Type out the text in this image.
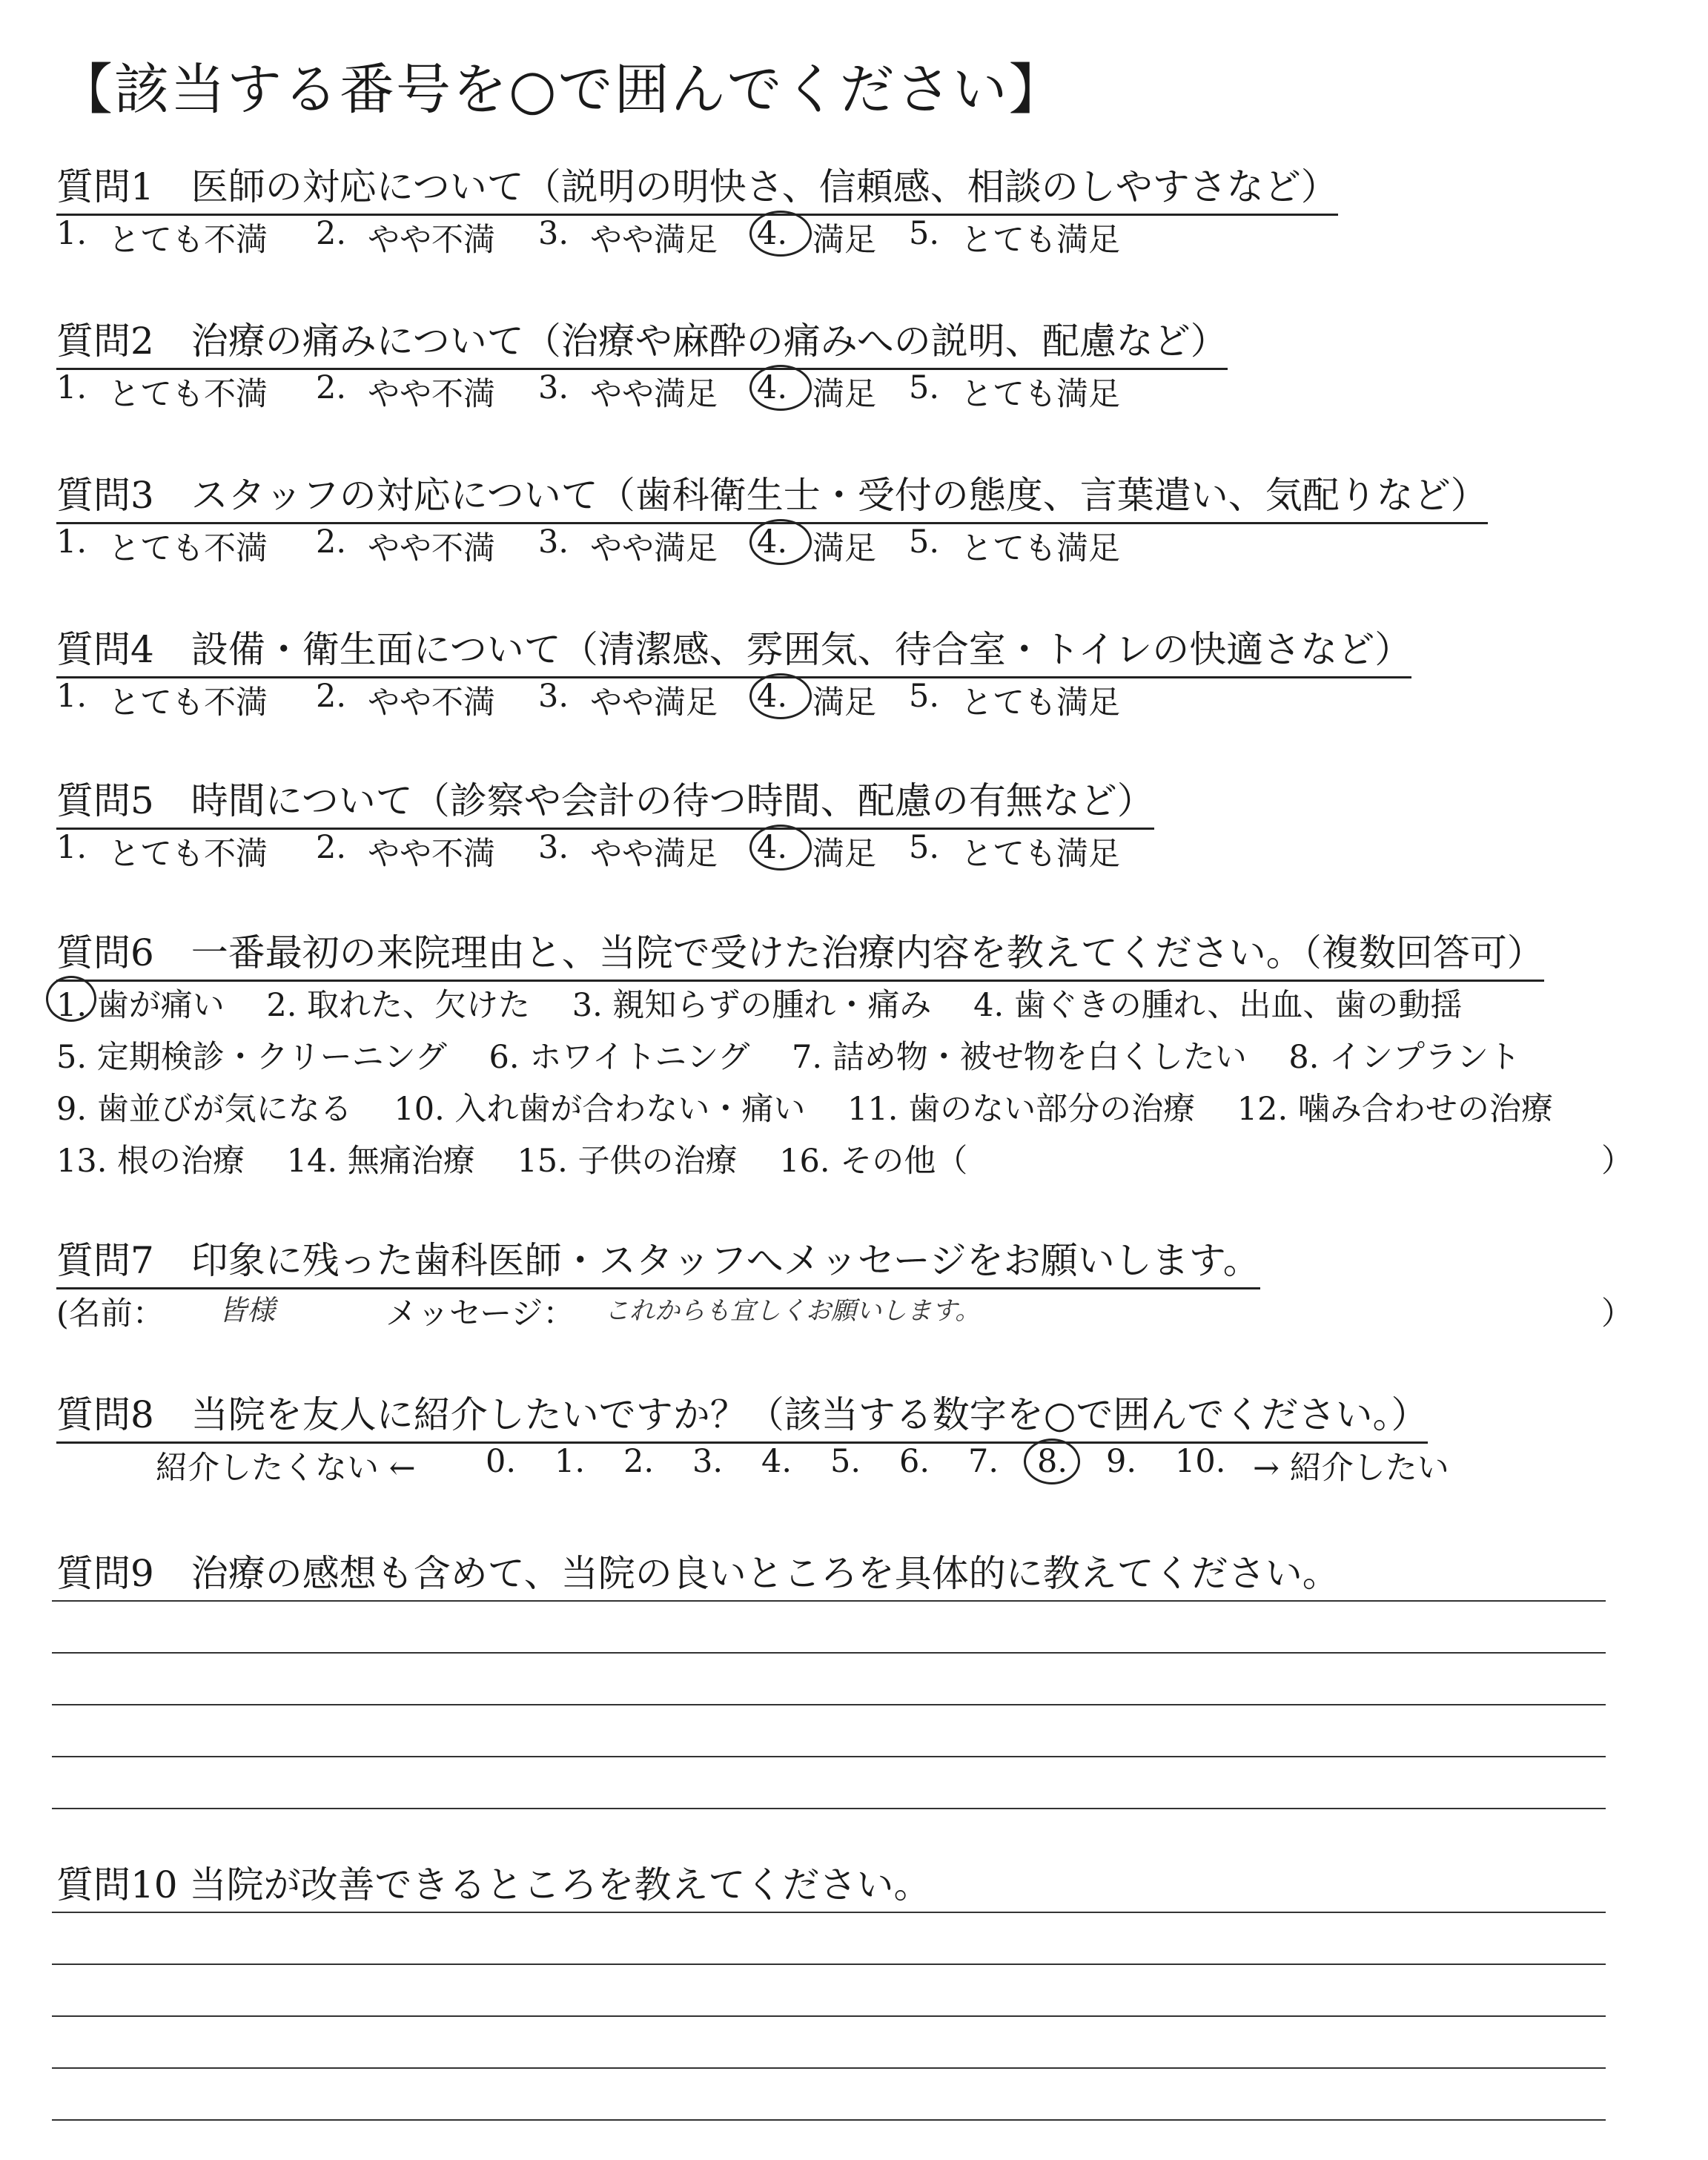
【該当する番号を○で囲んでください】
質問1　医師の対応について（説明の明快さ、信頼感、相談のしやすさなど）
1. とても不満 2. やや不満 3. やや満足 4. 満足 5. とても満足
質問2　治療の痛みについて（治療や麻酔の痛みへの説明、配慮など）
1. とても不満 2. やや不満 3. やや満足 4. 満足 5. とても満足
質問3　スタッフの対応について（歯科衛生士・受付の態度、言葉遣い、気配りなど）
1. とても不満 2. やや不満 3. やや満足 4. 満足 5. とても満足
質問4　設備・衛生面について（清潔感、雰囲気、待合室・トイレの快適さなど）
1. とても不満 2. やや不満 3. やや満足 4. 満足 5. とても満足
質問5　時間について（診察や会計の待つ時間、配慮の有無など）
1. とても不満 2. やや不満 3. やや満足 4. 満足 5. とても満足
質問6　一番最初の来院理由と、当院で受けた治療内容を教えてください。（複数回答可）
1. 歯が痛い　 2. 取れた、欠けた　 3. 親知らずの腫れ・痛み　 4. 歯ぐきの腫れ、出血、歯の動揺
5. 定期検診・クリーニング　 6. ホワイトニング　 7. 詰め物・被せ物を白くしたい　 8. インプラント
9. 歯並びが気になる　 10. 入れ歯が合わない・痛い　 11. 歯のない部分の治療　 12. 噛み合わせの治療
13. 根の治療　 14. 無痛治療　 15. 子供の治療　 16. その他（	）
質問7　印象に残った歯科医師・スタッフへメッセージをお願いします。
(名前： 皆様	メッセージ： これからも宜しくお願いします。	）
質問8　当院を友人に紹介したいですか？（該当する数字を○で囲んでください。）
紹介したくない ← 0. 1. 2. 3. 4. 5. 6. 7. 8. 9. 10. → 紹介したい
質問9　治療の感想も含めて、当院の良いところを具体的に教えてください。
質問10 当院が改善できるところを教えてください。
